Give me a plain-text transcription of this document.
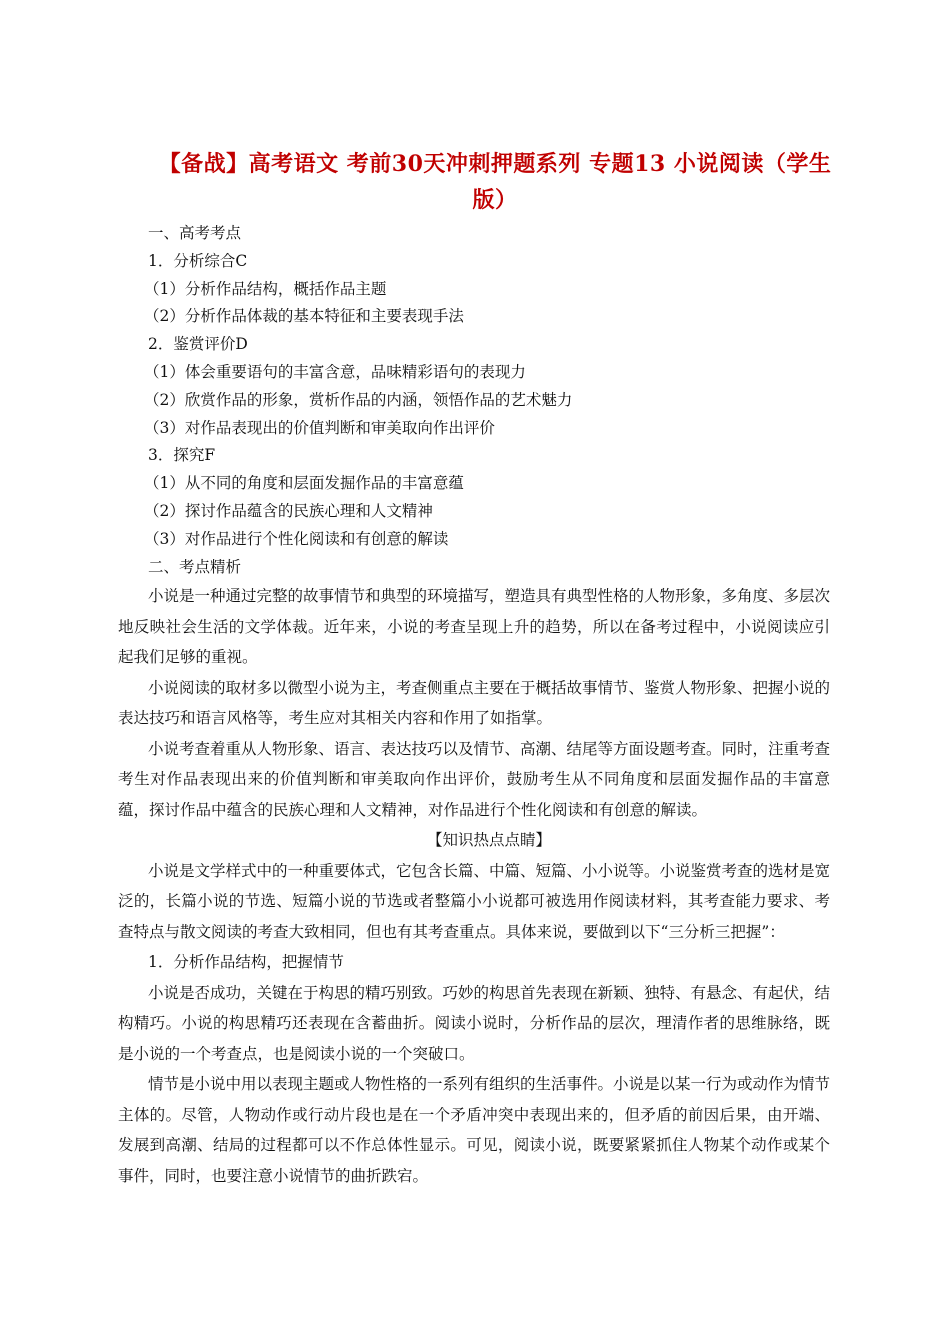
【备战】高考语文 考前30天冲刺押题系列 专题13 小说阅读（学生版）
一、高考考点
1．分析综合C
（1）分析作品结构，概括作品主题
（2）分析作品体裁的基本特征和主要表现手法
2．鉴赏评价D
（1）体会重要语句的丰富含意，品味精彩语句的表现力
（2）欣赏作品的形象，赏析作品的内涵，领悟作品的艺术魅力
（3）对作品表现出的价值判断和审美取向作出评价
3．探究F
（1）从不同的角度和层面发掘作品的丰富意蕴
（2）探讨作品蕴含的民族心理和人文精神
（3）对作品进行个性化阅读和有创意的解读
二、考点精析
小说是一种通过完整的故事情节和典型的环境描写，塑造具有典型性格的人物形象，多角度、多层次地反映社会生活的文学体裁。近年来，小说的考查呈现上升的趋势，所以在备考过程中，小说阅读应引起我们足够的重视。
小说阅读的取材多以微型小说为主，考查侧重点主要在于概括故事情节、鉴赏人物形象、把握小说的表达技巧和语言风格等，考生应对其相关内容和作用了如指掌。
小说考查着重从人物形象、语言、表达技巧以及情节、高潮、结尾等方面设题考查。同时，注重考查考生对作品表现出来的价值判断和审美取向作出评价，鼓励考生从不同角度和层面发掘作品的丰富意蕴，探讨作品中蕴含的民族心理和人文精神，对作品进行个性化阅读和有创意的解读。
【知识热点点睛】
小说是文学样式中的一种重要体式，它包含长篇、中篇、短篇、小小说等。小说鉴赏考查的选材是宽泛的，长篇小说的节选、短篇小说的节选或者整篇小小说都可被选用作阅读材料，其考查能力要求、考查特点与散文阅读的考查大致相同，但也有其考查重点。具体来说，要做到以下“三分析三把握”：
1．分析作品结构，把握情节
小说是否成功，关键在于构思的精巧别致。巧妙的构思首先表现在新颖、独特、有悬念、有起伏，结构精巧。小说的构思精巧还表现在含蓄曲折。阅读小说时，分析作品的层次，理清作者的思维脉络，既是小说的一个考查点，也是阅读小说的一个突破口。
情节是小说中用以表现主题或人物性格的一系列有组织的生活事件。小说是以某一行为或动作为情节主体的。尽管，人物动作或行动片段也是在一个矛盾冲突中表现出来的，但矛盾的前因后果，由开端、发展到高潮、结局的过程都可以不作总体性显示。可见，阅读小说，既要紧紧抓住人物某个动作或某个事件，同时，也要注意小说情节的曲折跌宕。
